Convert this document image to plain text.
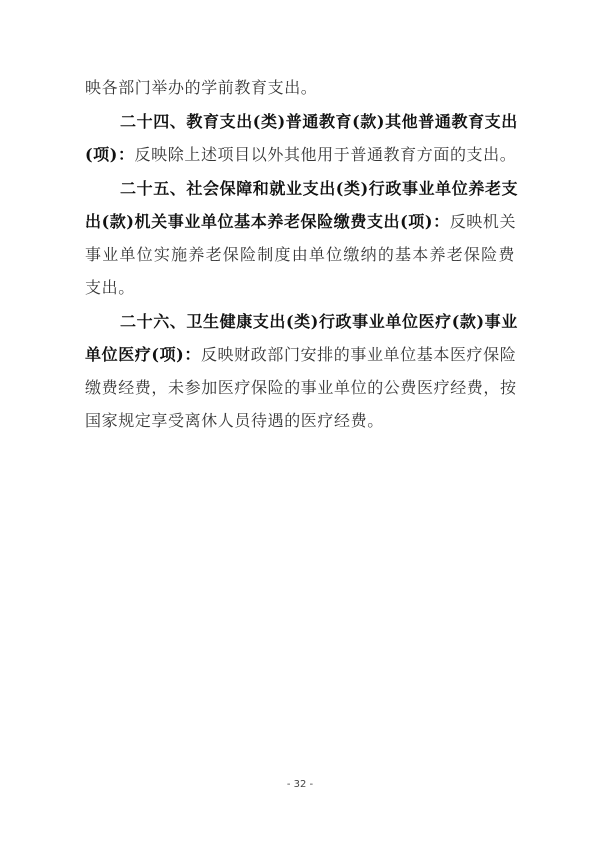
映各部门举办的学前教育支出。
二十四、教育支出(类)普通教育(款)其他普通教育支出
(项)：反映除上述项目以外其他用于普通教育方面的支出。
二十五、社会保障和就业支出(类)行政事业单位养老支
出(款)机关事业单位基本养老保险缴费支出(项)：反映机关
事业单位实施养老保险制度由单位缴纳的基本养老保险费
支出。
二十六、卫生健康支出(类)行政事业单位医疗(款)事业
单位医疗(项)：反映财政部门安排的事业单位基本医疗保险
缴费经费，未参加医疗保险的事业单位的公费医疗经费，按
国家规定享受离休人员待遇的医疗经费。
- 32 -
